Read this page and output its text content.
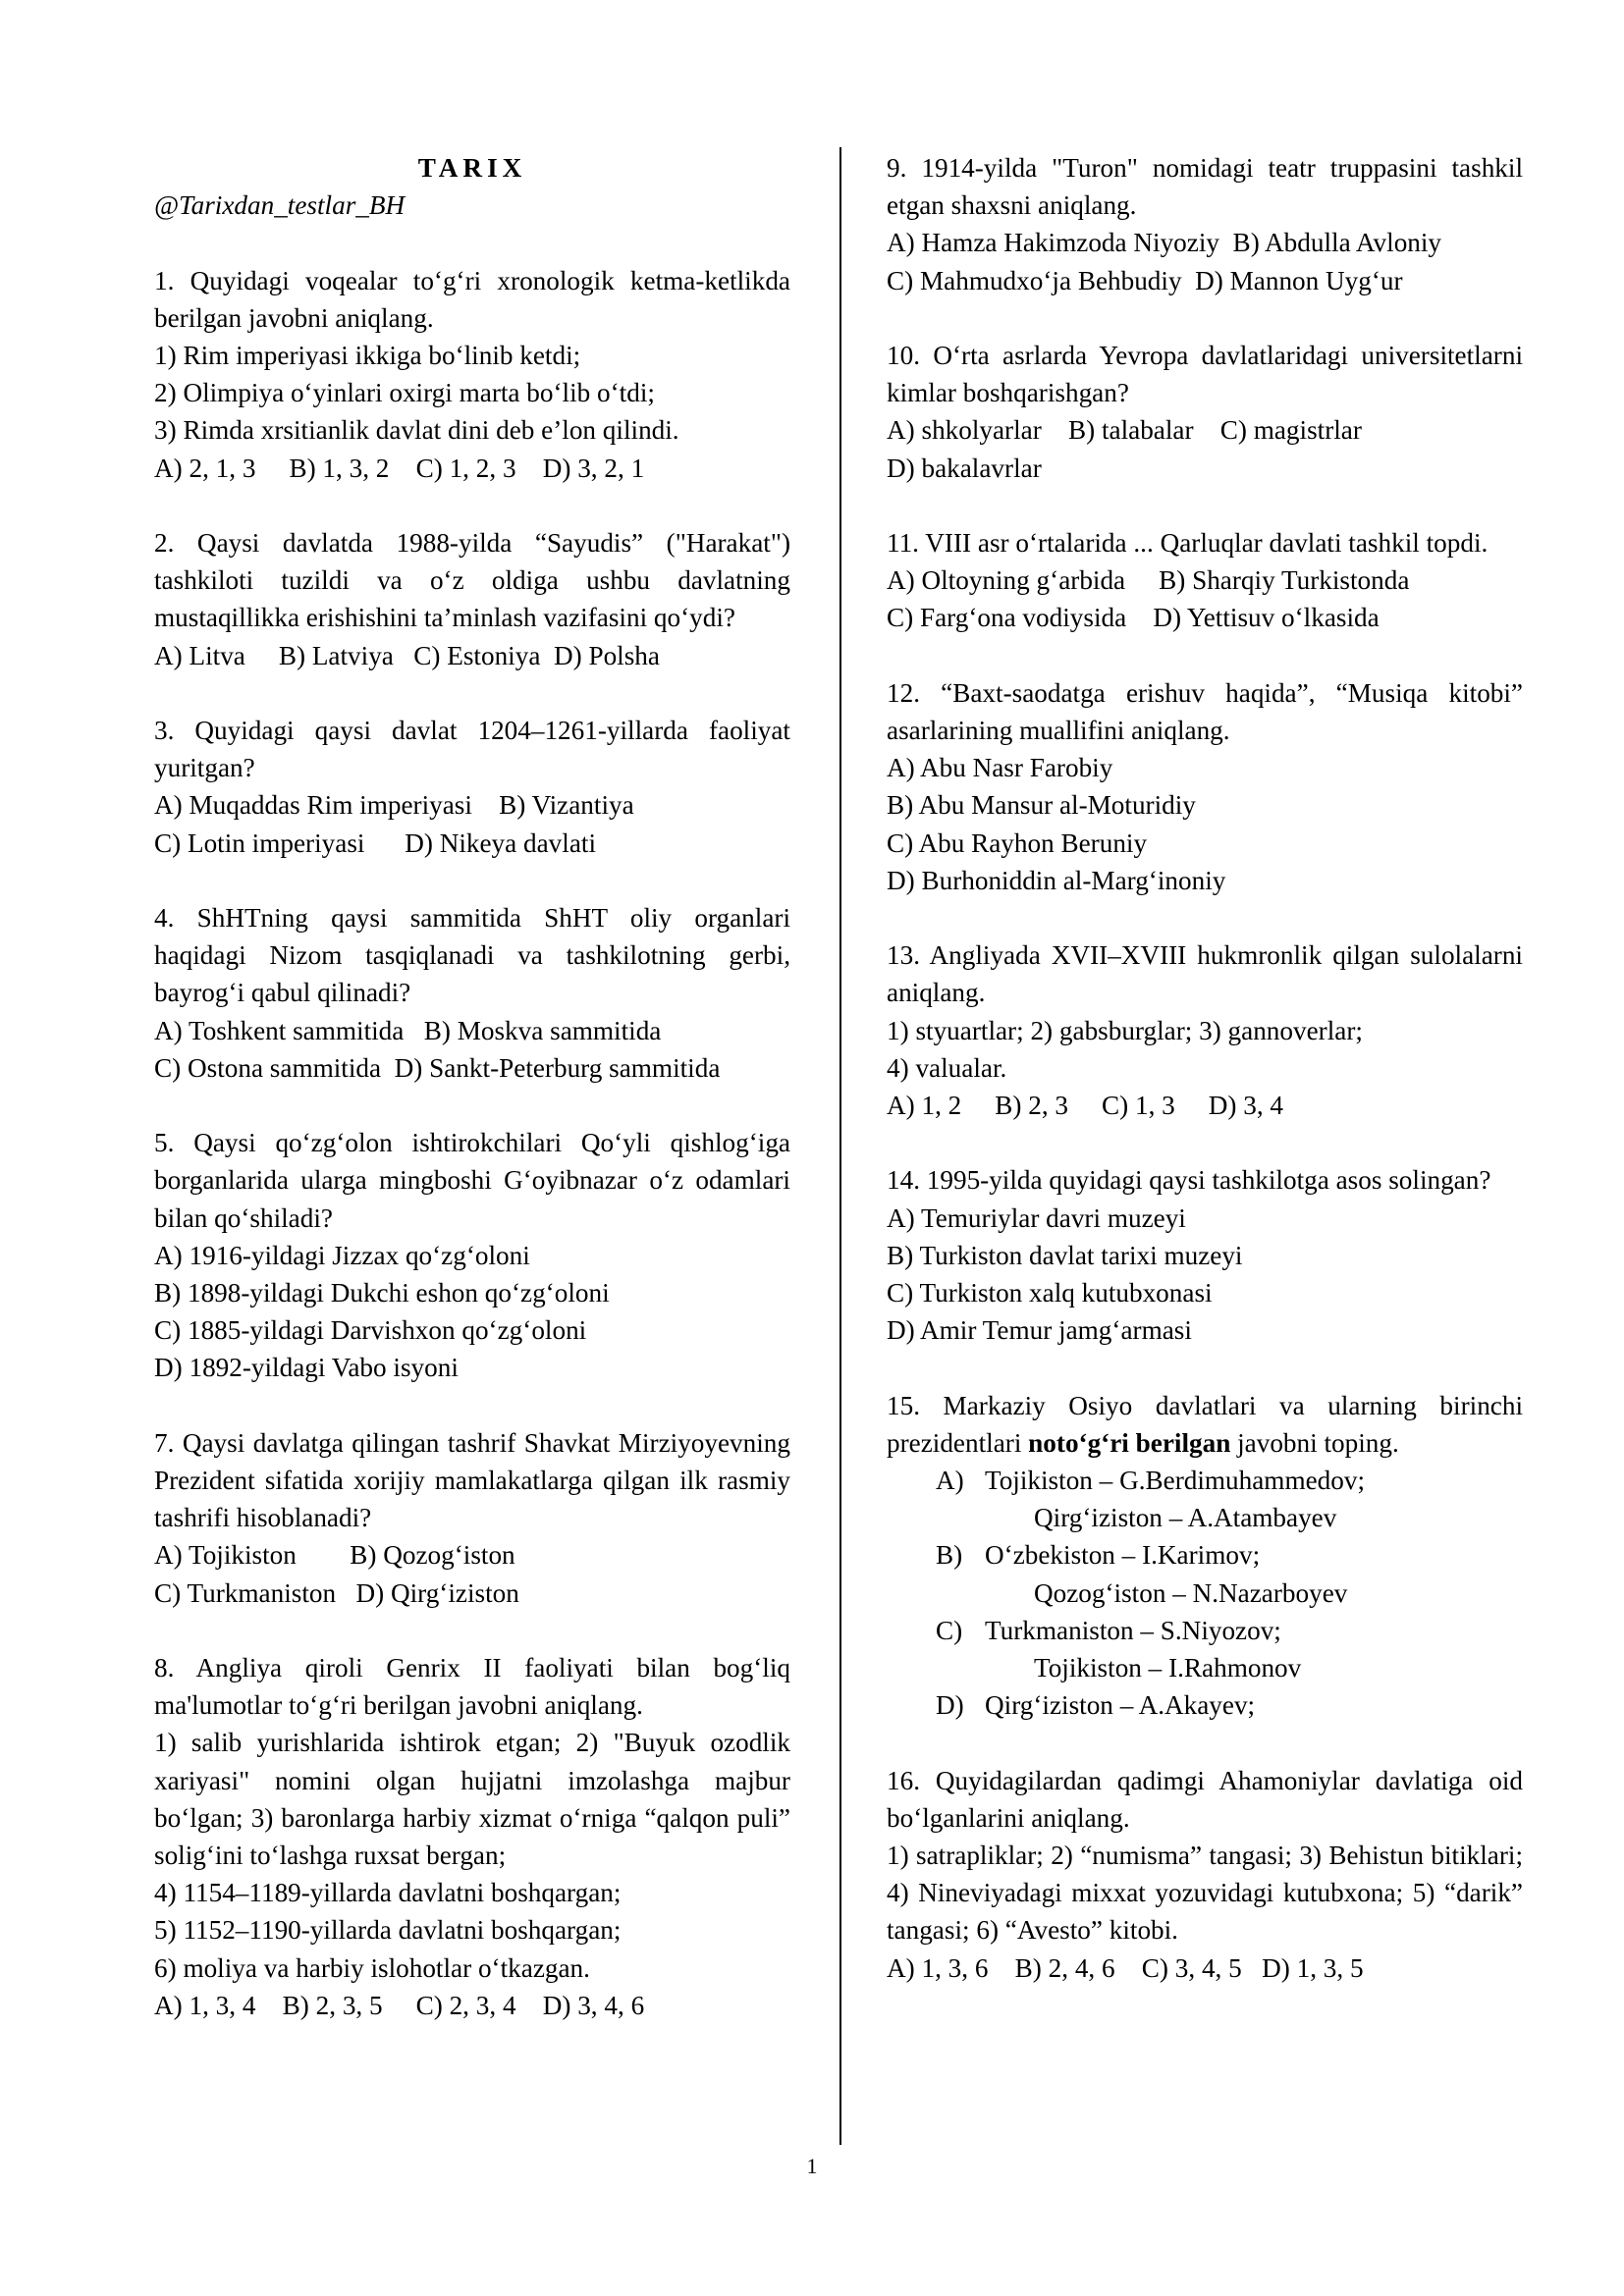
TARIX
@Tarixdan_testlar_BH
1. Quyidagi voqealar to‘g‘ri xronologik ketma-ketlikda berilgan javobni aniqlang.
1) Rim imperiyasi ikkiga bo‘linib ketdi;
2) Olimpiya o‘yinlari oxirgi marta bo‘lib o‘tdi;
3) Rimda xrsitianlik davlat dini deb e’lon qilindi.
A) 2, 1, 3     B) 1, 3, 2    C) 1, 2, 3    D) 3, 2, 1
2. Qaysi davlatda 1988-yilda “Sayudis” ("Harakat") tashkiloti tuzildi va o‘z oldiga ushbu davlatning mustaqillikka erishishini ta’minlash vazifasini qo‘ydi?
A) Litva     B) Latviya   C) Estoniya  D) Polsha
3. Quyidagi qaysi davlat 1204–1261-yillarda faoliyat yuritgan?
A) Muqaddas Rim imperiyasi    B) Vizantiya
C) Lotin imperiyasi      D) Nikeya davlati
4. ShHTning qaysi sammitida ShHT oliy organlari haqidagi Nizom tasqiqlanadi va tashkilotning gerbi, bayrog‘i qabul qilinadi?
A) Toshkent sammitida   B) Moskva sammitida
C) Ostona sammitida  D) Sankt-Peterburg sammitida
5. Qaysi qo‘zg‘olon ishtirokchilari Qo‘yli qishlog‘iga borganlarida ularga mingboshi G‘oyibnazar o‘z odamlari bilan qo‘shiladi?
A) 1916-yildagi Jizzax qo‘zg‘oloni
B) 1898-yildagi Dukchi eshon qo‘zg‘oloni
C) 1885-yildagi Darvishxon qo‘zg‘oloni
D) 1892-yildagi Vabo isyoni
7. Qaysi davlatga qilingan tashrif Shavkat Mirziyoyevning Prezident sifatida xorijiy mamlakatlarga qilgan ilk rasmiy tashrifi hisoblanadi?
A) Tojikiston        B) Qozog‘iston
C) Turkmaniston   D) Qirg‘iziston
8. Angliya qiroli Genrix II faoliyati bilan bog‘liq ma'lumotlar to‘g‘ri berilgan javobni aniqlang.
1) salib yurishlarida ishtirok etgan; 2) "Buyuk ozodlik xariyasi" nomini olgan hujjatni imzolashga majbur bo‘lgan; 3) baronlarga harbiy xizmat o‘rniga “qalqon puli” solig‘ini to‘lashga ruxsat bergan;
4) 1154–1189-yillarda davlatni boshqargan;
5) 1152–1190-yillarda davlatni boshqargan;
6) moliya va harbiy islohotlar o‘tkazgan.
A) 1, 3, 4    B) 2, 3, 5     C) 2, 3, 4    D) 3, 4, 6
9. 1914-yilda "Turon" nomidagi teatr truppasini tashkil etgan shaxsni aniqlang.
A) Hamza Hakimzoda Niyoziy  B) Abdulla Avloniy
C) Mahmudxo‘ja Behbudiy  D) Mannon Uyg‘ur
10. O‘rta asrlarda Yevropa davlatlaridagi universitetlarni kimlar boshqarishgan?
A) shkolyarlar    B) talabalar    C) magistrlar
D) bakalavrlar
11. VIII asr o‘rtalarida ... Qarluqlar davlati tashkil topdi.
A) Oltoyning g‘arbida     B) Sharqiy Turkistonda
C) Farg‘ona vodiysida    D) Yettisuv o‘lkasida
12. “Baxt-saodatga erishuv haqida”, “Musiqa kitobi” asarlarining muallifini aniqlang.
A) Abu Nasr Farobiy
B) Abu Mansur al-Moturidiy
C) Abu Rayhon Beruniy
D) Burhoniddin al-Marg‘inoniy
13. Angliyada XVII–XVIII hukmronlik qilgan sulolalarni aniqlang.
1) styuartlar; 2) gabsburglar; 3) gannoverlar;
4) valualar.
A) 1, 2     B) 2, 3     C) 1, 3     D) 3, 4
14. 1995-yilda quyidagi qaysi tashkilotga asos solingan?
A) Temuriylar davri muzeyi
B) Turkiston davlat tarixi muzeyi
C) Turkiston xalq kutubxonasi
D) Amir Temur jamg‘armasi
15. Markaziy Osiyo davlatlari va ularning birinchi prezidentlari noto‘g‘ri berilgan javobni toping.
A) Tojikiston – G.Berdimuhammedov;
Qirg‘iziston – A.Atambayev
B) O‘zbekiston – I.Karimov;
Qozog‘iston – N.Nazarboyev
C) Turkmaniston – S.Niyozov;
Tojikiston – I.Rahmonov
D) Qirg‘iziston – A.Akayev;
16. Quyidagilardan qadimgi Ahamoniylar davlatiga oid bo‘lganlarini aniqlang.
1) satrapliklar; 2) “numisma” tangasi; 3) Behistun bitiklari; 4) Nineviyadagi mixxat yozuvidagi kutubxona; 5) “darik” tangasi; 6) “Avesto” kitobi.
A) 1, 3, 6    B) 2, 4, 6    C) 3, 4, 5   D) 1, 3, 5
1
